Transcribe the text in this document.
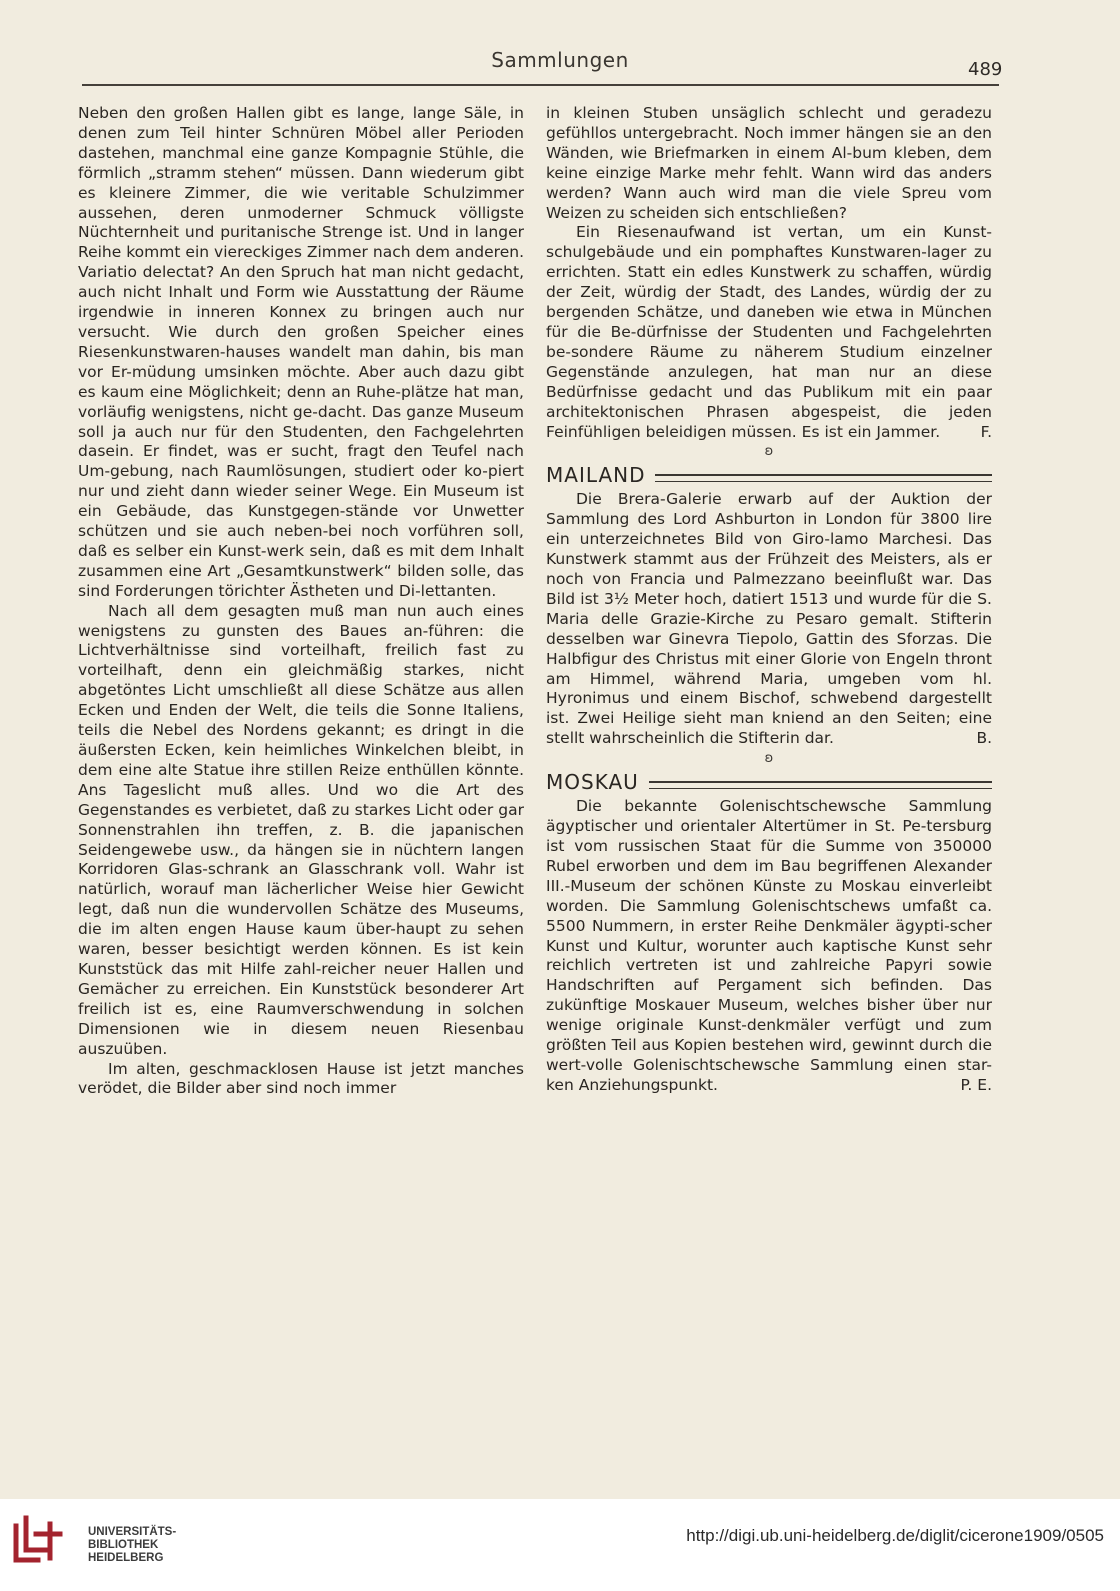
Sammlungen	489

Neben den großen Hallen gibt es lange, lange Säle, in denen zum Teil hinter Schnüren Möbel aller Perioden dastehen, manchmal eine ganze Kompagnie Stühle, die förmlich „stramm stehen“ müssen. Dann wiederum gibt es kleinere Zimmer, die wie veritable Schulzimmer aussehen, deren unmoderner Schmuck völligste Nüchternheit und puritanische Strenge ist. Und in langer Reihe kommt ein viereckiges Zimmer nach dem anderen. Variatio delectat? An den Spruch hat man nicht gedacht, auch nicht Inhalt und Form wie Ausstattung der Räume irgendwie in inneren Konnex zu bringen auch nur versucht. Wie durch den großen Speicher eines Riesenkunstwaren-hauses wandelt man dahin, bis man vor Er-müdung umsinken möchte. Aber auch dazu gibt es kaum eine Möglichkeit; denn an Ruhe-plätze hat man, vorläufig wenigstens, nicht ge-dacht. Das ganze Museum soll ja auch nur für den Studenten, den Fachgelehrten dasein. Er findet, was er sucht, fragt den Teufel nach Um-gebung, nach Raumlösungen, studiert oder ko-piert nur und zieht dann wieder seiner Wege. Ein Museum ist ein Gebäude, das Kunstgegen-stände vor Unwetter schützen und sie auch neben-bei noch vorführen soll, daß es selber ein Kunst-werk sein, daß es mit dem Inhalt zusammen eine Art „Gesamtkunstwerk“ bilden solle, das sind Forderungen törichter Ästheten und Di-lettanten.

Nach all dem gesagten muß man nun auch eines wenigstens zu gunsten des Baues an-führen: die Lichtverhältnisse sind vorteilhaft, freilich fast zu vorteilhaft, denn ein gleichmäßig starkes, nicht abgetöntes Licht umschließt all diese Schätze aus allen Ecken und Enden der Welt, die teils die Sonne Italiens, teils die Nebel des Nordens gekannt; es dringt in die äußersten Ecken, kein heimliches Winkelchen bleibt, in dem eine alte Statue ihre stillen Reize enthüllen könnte. Ans Tageslicht muß alles. Und wo die Art des Gegenstandes es verbietet, daß zu starkes Licht oder gar Sonnenstrahlen ihn treffen, z. B. die japanischen Seidengewebe usw., da hängen sie in nüchtern langen Korridoren Glas-schrank an Glasschrank voll. Wahr ist natürlich, worauf man lächerlicher Weise hier Gewicht legt, daß nun die wundervollen Schätze des Museums, die im alten engen Hause kaum über-haupt zu sehen waren, besser besichtigt werden können. Es ist kein Kunststück das mit Hilfe zahl-reicher neuer Hallen und Gemächer zu erreichen. Ein Kunststück besonderer Art freilich ist es, eine Raumverschwendung in solchen Dimensionen wie in diesem neuen Riesenbau auszuüben.

Im alten, geschmacklosen Hause ist jetzt manches verödet, die Bilder aber sind noch immer

in kleinen Stuben unsäglich schlecht und geradezu gefühllos untergebracht. Noch immer hängen sie an den Wänden, wie Briefmarken in einem Al-bum kleben, dem keine einzige Marke mehr fehlt. Wann wird das anders werden? Wann auch wird man die viele Spreu vom Weizen zu scheiden sich entschließen?

Ein Riesenaufwand ist vertan, um ein Kunst-schulgebäude und ein pomphaftes Kunstwaren-lager zu errichten. Statt ein edles Kunstwerk zu schaffen, würdig der Zeit, würdig der Stadt, des Landes, würdig der zu bergenden Schätze, und daneben wie etwa in München für die Be-dürfnisse der Studenten und Fachgelehrten be-sondere Räume zu näherem Studium einzelner Gegenstände anzulegen, hat man nur an diese Bedürfnisse gedacht und das Publikum mit ein paar architektonischen Phrasen abgespeist, die jeden Feinfühligen beleidigen müssen. Es ist ein Jammer.	F.

ʚ
MAILAND

Die Brera-Galerie erwarb auf der Auktion der Sammlung des Lord Ashburton in London für 3800 lire ein unterzeichnetes Bild von Giro-lamo Marchesi. Das Kunstwerk stammt aus der Frühzeit des Meisters, als er noch von Francia und Palmezzano beeinflußt war. Das Bild ist 3½ Meter hoch, datiert 1513 und wurde für die S. Maria delle Grazie-Kirche zu Pesaro gemalt. Stifterin desselben war Ginevra Tiepolo, Gattin des Sforzas. Die Halbfigur des Christus mit einer Glorie von Engeln thront am Himmel, während Maria, umgeben vom hl. Hyronimus und einem Bischof, schwebend dargestellt ist. Zwei Heilige sieht man kniend an den Seiten; eine stellt wahrscheinlich die Stifterin dar.	B.

ʚ
MOSKAU

Die bekannte Golenischtschewsche Sammlung ägyptischer und orientaler Altertümer in St. Pe-tersburg ist vom russischen Staat für die Summe von 350000 Rubel erworben und dem im Bau begriffenen Alexander III.-Museum der schönen Künste zu Moskau einverleibt worden. Die Sammlung Golenischtschews umfaßt ca. 5500 Nummern, in erster Reihe Denkmäler ägypti-scher Kunst und Kultur, worunter auch kaptische Kunst sehr reichlich vertreten ist und zahlreiche Papyri sowie Handschriften auf Pergament sich befinden. Das zukünftige Moskauer Museum, welches bisher über nur wenige originale Kunst-denkmäler verfügt und zum größten Teil aus Kopien bestehen wird, gewinnt durch die wert-volle Golenischtschewsche Sammlung einen star-ken Anziehungspunkt.	P. E.

UNIVERSITÄTS-
BIBLIOTHEK
HEIDELBERG
http://digi.ub.uni-heidelberg.de/diglit/cicerone1909/0505
